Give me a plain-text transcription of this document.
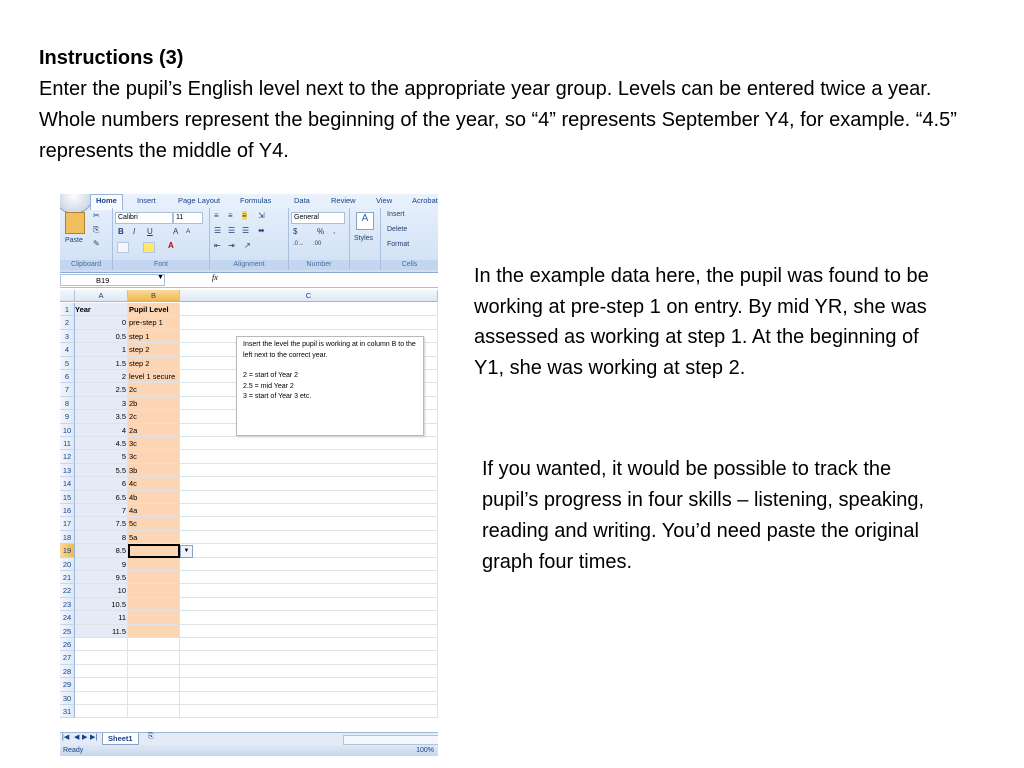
Instructions (3)
Enter the pupil’s English level next to the appropriate year group. Levels can be entered twice a year. Whole numbers represent the beginning of the year, so “4” represents September Y4, for example. “4.5” represents the middle of Y4.
In the example data here, the pupil was found to be working at pre-step 1 on entry. By mid YR, she was assessed as working at step 1. At the beginning of Y1, she was working at step 2.
If you wanted, it would be possible to track the pupil’s progress in four skills – listening, speaking, reading and writing. You’d need paste the original graph four times.
Home	Insert	Page Layout	Formulas	Data	Review	View	Acrobat
Paste
✂
⎘
✎
Clipboard
Calibri	11
B I U	A A
A
Font
≡ ≡ ≡ ⇲
☰ ☰ ☰ ⬌
⇤ ⇥ ↗
Alignment
General
$ % ,
.0→ .00
Number
A
Styles
Insert
Delete
Format
Cells
B19	▼	fx
A	B	C
1 Year	Pupil Level
2	0 pre-step 1
3	0.5 step 1
4	1 step 2
5	1.5 step 2
6	2 level 1 secure
7	2.5 2c
8	3 2b
9	3.5 2c
10	4 2a
11	4.5 3c
12	5 3c
13	5.5 3b
14	6 4c
15	6.5 4b
16	7 4a
17	7.5 5c
18	8 5a
19	8.5	▼
20	9
21	9.5
22	10
23	10.5
24	11
25	11.5
26
27
28
29
30
31
Insert the level the pupil is working at in column B to the left next to the correct year.
2 = start of Year 2
2.5 = mid Year 2
3 = start of Year 3 etc.
|◀ ◀ ▶ ▶|	Sheet1	⎘
Ready	100%
